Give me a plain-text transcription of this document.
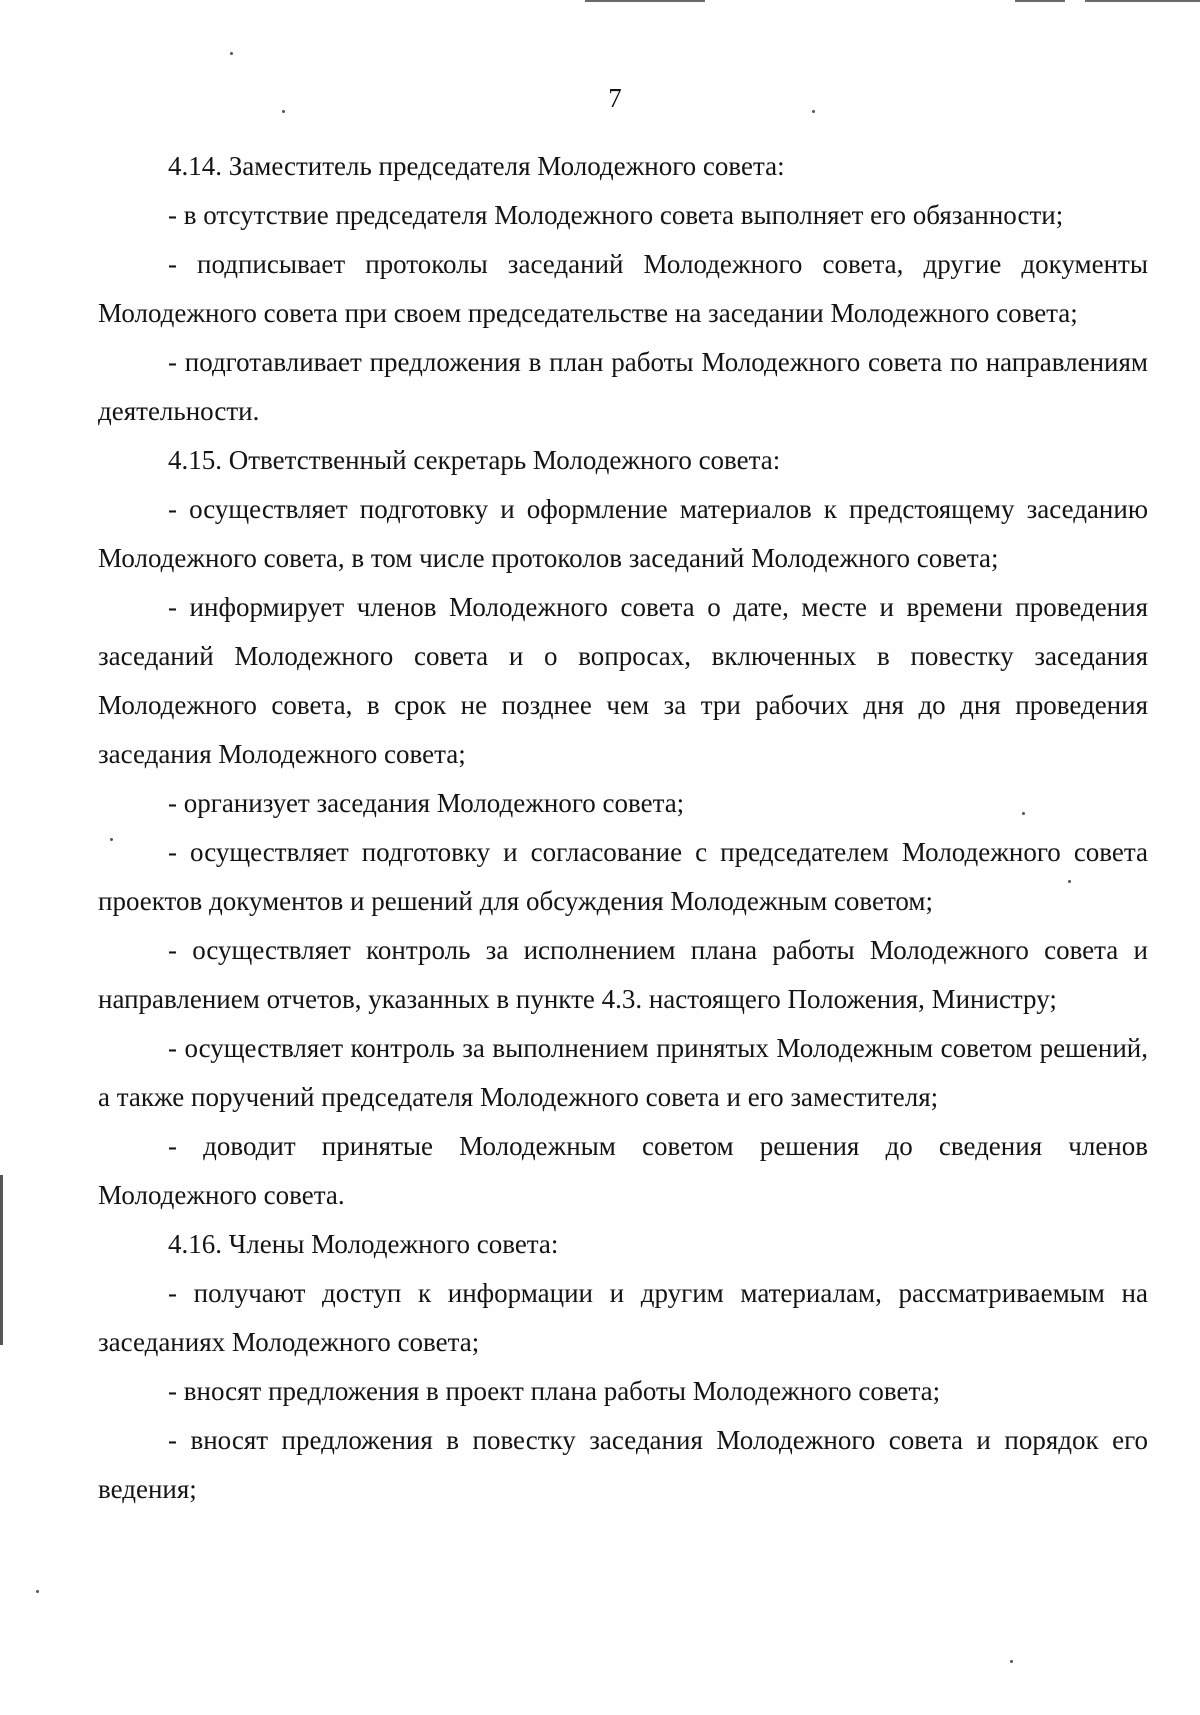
7

4.14. Заместитель председателя Молодежного совета:

- в отсутствие председателя Молодежного совета выполняет его обязанности;

- подписывает протоколы заседаний Молодежного совета, другие документы Молодежного совета при своем председательстве на заседании Молодежного совета;

- подготавливает предложения в план работы Молодежного совета по направлениям деятельности.

4.15. Ответственный секретарь Молодежного совета:

- осуществляет подготовку и оформление материалов к предстоящему заседанию Молодежного совета, в том числе протоколов заседаний Молодежного совета;

- информирует членов Молодежного совета о дате, месте и времени проведения заседаний Молодежного совета и о вопросах, включенных в повестку заседания Молодежного совета, в срок не позднее чем за три рабочих дня до дня проведения заседания Молодежного совета;

- организует заседания Молодежного совета;

- осуществляет подготовку и согласование с председателем Молодежного совета проектов документов и решений для обсуждения Молодежным советом;

- осуществляет контроль за исполнением плана работы Молодежного совета и направлением отчетов, указанных в пункте 4.3. настоящего Положения, Министру;

- осуществляет контроль за выполнением принятых Молодежным советом решений, а также поручений председателя Молодежного совета и его заместителя;

- доводит принятые Молодежным советом решения до сведения членов Молодежного совета.

4.16. Члены Молодежного совета:

- получают доступ к информации и другим материалам, рассматриваемым на заседаниях Молодежного совета;

- вносят предложения в проект плана работы Молодежного совета;

- вносят предложения в повестку заседания Молодежного совета и порядок его ведения;
